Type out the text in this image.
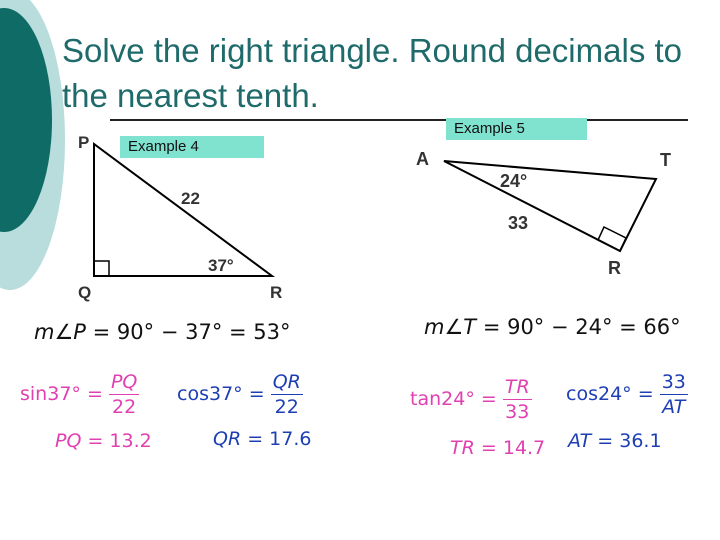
Solve the right triangle. Round decimals to the nearest tenth.
P
Q	R
22
37°
Example 4
A	T
R
24°
33
Example 5
m∠P = 90° − 37° = 53°
$\sin 37^\circ = \frac{PQ}{22} \cos 37^\circ = \frac{QR}{22}$
PQ = 13.2	QR = 17.6
m∠T = 90° − 24° = 66°
$\tan 24^\circ = \frac{TR}{33} \cos 24^\circ = \frac{33}{AT}$
TR = 14.7 AT = 36.1
